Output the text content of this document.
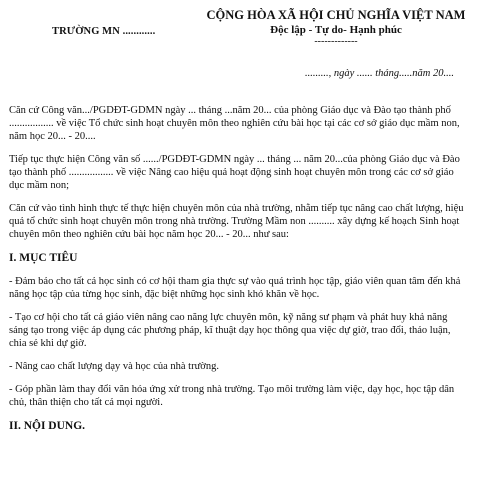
TRƯỜNG MN ............
CỘNG HÒA XÃ HỘI CHỦ NGHĨA VIỆT NAM
Độc lập - Tự do- Hạnh phúc
-------------
........., ngày ...... tháng.....năm 20....

Căn cứ Công văn.../PGDĐT-GDMN ngày ... tháng ...năm 20... của phòng Giáo dục và Đào tạo thành phố ................. về việc Tổ chức sinh hoạt chuyên môn theo nghiên cứu bài học tại các cơ sở giáo dục mầm non, năm học 20... - 20....

Tiếp tục thực hiện Công văn số ....../PGDĐT-GDMN ngày ... tháng ... năm 20...của phòng Giáo dục và Đào tạo thành phố ................. về việc Nâng cao hiệu quả hoạt động sinh hoạt chuyên môn trong các cơ sở giáo dục mầm non;

Căn cứ vào tình hình thực tế thực hiện chuyên môn của nhà trường, nhằm tiếp tục nâng cao chất lượng, hiệu quả tổ chức sinh hoạt chuyên môn trong nhà trường. Trường Mầm non .......... xây dựng kế hoạch Sinh hoạt chuyên môn theo nghiên cứu bài học năm học 20... - 20... như sau:

I. MỤC TIÊU

- Đảm bảo cho tất cả học sinh có cơ hội tham gia thực sự vào quá trình học tập, giáo viên quan tâm đến khả năng học tập của từng học sinh, đặc biệt những học sinh khó khăn về học.

- Tạo cơ hội cho tất cả giáo viên nâng cao năng lực chuyên môn, kỹ năng sư phạm và phát huy khả năng sáng tạo trong việc áp dụng các phương pháp, kĩ thuật dạy học thông qua việc dự giờ, trao đổi, thảo luận, chia sẻ khi dự giờ.

- Nâng cao chất lượng dạy và học của nhà trường.

- Góp phần làm thay đổi văn hóa ứng xử trong nhà trường. Tạo môi trường làm việc, dạy học, học tập dân chủ, thân thiện cho tất cả mọi người.

II. NỘI DUNG.
